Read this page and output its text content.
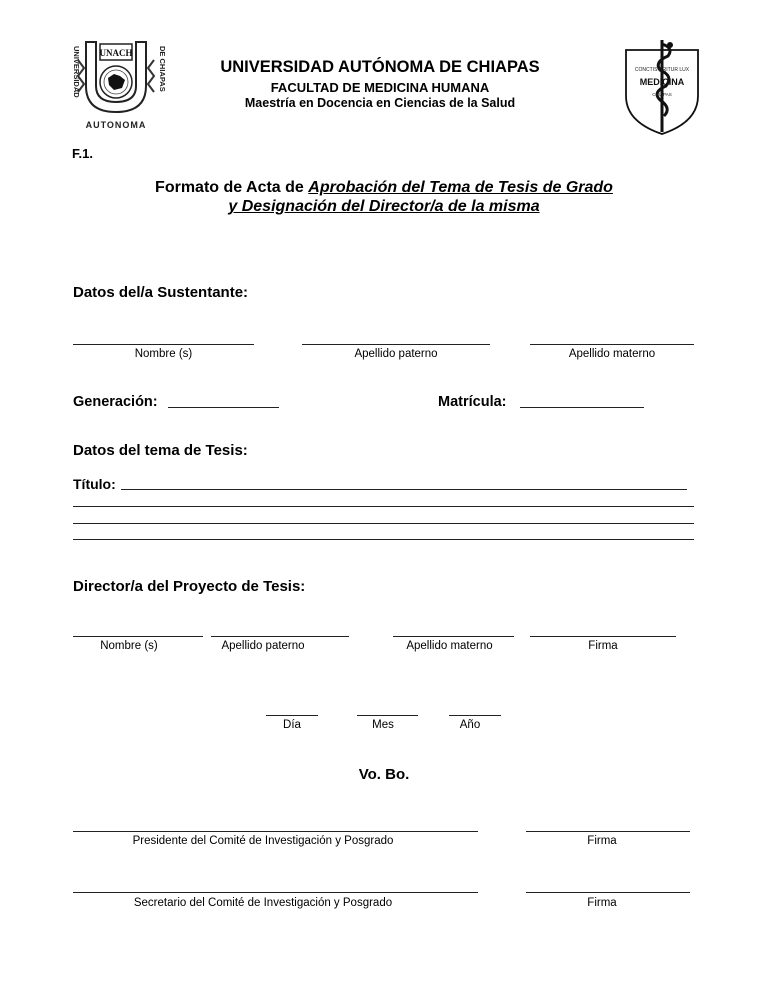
UNIVERSIDAD	DE CHIAPAS
UNACH
AUTONOMA
UNIVERSIDAD AUTÓNOMA DE CHIAPAS
FACULTAD DE MEDICINA HUMANA
Maestría en Docencia en Ciencias de la Salud
CONCTIS ORITUR LUX
MEDICINA
CHIAPAS
F.1.
Formato de Acta de Aprobación del Tema de Tesis de Grado
y Designación del Director/a de la misma
Datos del/a Sustentante:
Nombre (s)	Apellido paterno	Apellido materno
Generación:	Matrícula:
Datos del tema de Tesis:
Título:
Director/a del Proyecto de Tesis:
Nombre (s)	Apellido paterno	Apellido materno	Firma
Día	Mes	Año
Vo. Bo.
Presidente del Comité de Investigación y Posgrado	Firma
Secretario del Comité de Investigación y Posgrado	Firma
